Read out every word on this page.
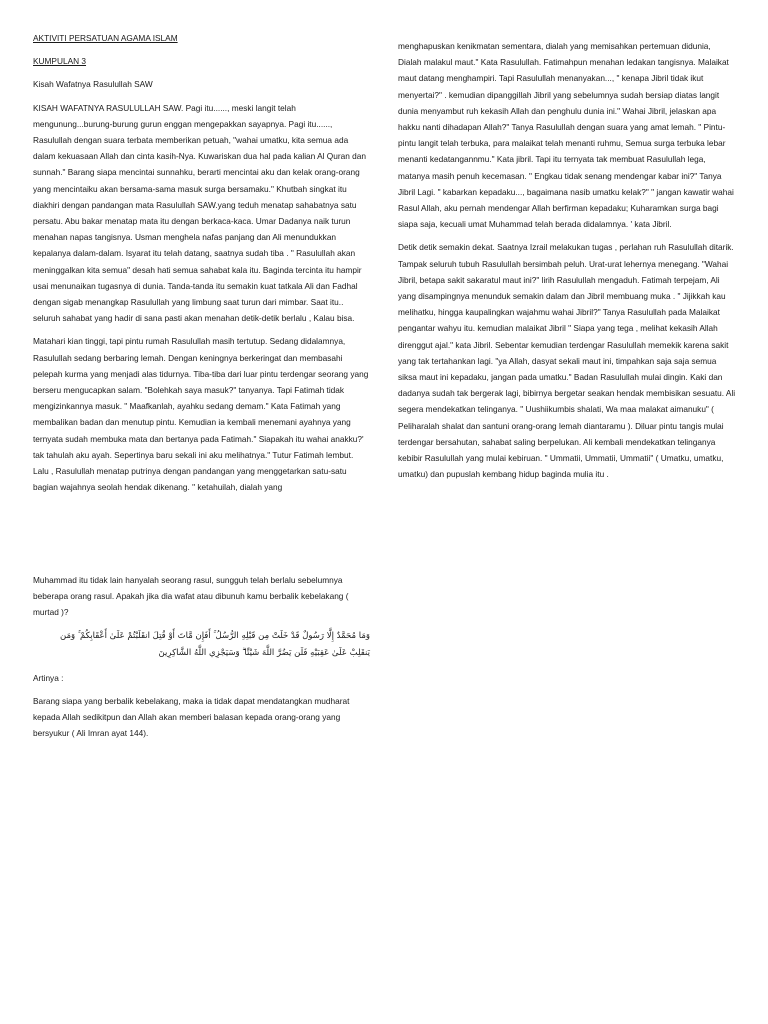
AKTIVITI PERSATUAN AGAMA ISLAM

KUMPULAN 3

Kisah Wafatnya Rasulullah SAW

KISAH WAFATNYA RASULULLAH SAW. Pagi itu......, meski langit telah mengunung...burung-burung gurun enggan mengepakkan sayapnya. Pagi itu......, Rasulullah dengan suara terbata memberikan petuah, "wahai umatku, kita semua ada dalam kekuasaan Allah dan cinta kasih-Nya. Kuwariskan dua hal pada kalian Al Quran dan sunnah." Barang siapa mencintai sunnahku, berarti mencintai aku dan kelak orang-orang yang mencintaiku akan bersama-sama masuk surga bersamaku." Khutbah singkat itu diakhiri dengan pandangan mata Rasulullah SAW.yang teduh menatap sahabatnya satu persatu. Abu bakar menatap mata itu dengan berkaca-kaca. Umar Dadanya naik turun menahan napas tangisnya. Usman menghela nafas panjang dan Ali menundukkan kepalanya dalam-dalam. Isyarat itu telah datang, saatnya sudah tiba . " Rasulullah akan meninggalkan kita semua" desah hati semua sahabat kala itu. Baginda tercinta itu hampir usai menunaikan tugasnya di dunia. Tanda-tanda itu semakin kuat tatkala Ali dan Fadhal dengan sigab menangkap Rasulullah yang limbung saat turun dari mimbar. Saat itu.. seluruh sahabat yang hadir di sana pasti akan menahan detik-detik berlalu , Kalau bisa.

Matahari kian tinggi, tapi pintu rumah Rasulullah masih tertutup. Sedang didalamnya, Rasulullah sedang berbaring lemah. Dengan keningnya berkeringat dan membasahi pelepah kurma yang menjadi alas tidurnya. Tiba-tiba dari luar pintu terdengar seorang yang berseru mengucapkan salam. "Bolehkah saya masuk?" tanyanya. Tapi Fatimah tidak mengizinkannya masuk. " Maafkanlah, ayahku sedang demam." Kata Fatimah yang membalikan badan dan menutup pintu. Kemudian ia kembali menemani ayahnya yang ternyata sudah membuka mata dan bertanya pada Fatimah." Siapakah itu wahai anakku?' tak tahulah aku ayah. Sepertinya baru sekali ini aku melihatnya." Tutur Fatimah lembut. Lalu , Rasulullah menatap putrinya dengan pandangan yang menggetarkan satu-satu bagian wajahnya seolah hendak dikenang. " ketahuilah, dialah yang

menghapuskan kenikmatan sementara, dialah yang memisahkan pertemuan didunia, Dialah malakul maut." Kata Rasulullah. Fatimahpun menahan ledakan tangisnya. Malaikat maut datang menghampiri. Tapi Rasulullah menanyakan..., " kenapa Jibril tidak ikut menyertai?" . kemudian dipanggillah Jibril yang sebelumnya sudah bersiap diatas langit dunia menyambut ruh kekasih Allah dan penghulu dunia ini." Wahai Jibril, jelaskan apa hakku nanti dihadapan Allah?" Tanya Rasulullah dengan suara yang amat lemah. " Pintu-pintu langit telah terbuka, para malaikat telah menanti ruhmu, Semua surga terbuka lebar menanti kedatangannmu." Kata jibril. Tapi itu ternyata tak membuat Rasulullah lega, matanya masih penuh kecemasan. " Engkau tidak senang mendengar kabar ini?" Tanya Jibril Lagi. " kabarkan kepadaku..., bagaimana nasib umatku kelak?" " jangan kawatir wahai Rasul Allah, aku pernah mendengar Allah berfirman kepadaku; Kuharamkan surga bagi siapa saja, kecuali umat Muhammad telah berada didalamnya. ' kata Jibril.

Detik detik semakin dekat. Saatnya Izrail melakukan tugas , perlahan ruh Rasulullah ditarik. Tampak seluruh tubuh Rasulullah bersimbah peluh. Urat-urat lehernya menegang. "Wahai Jibril, betapa sakit sakaratul maut ini?" lirih Rasulullah mengaduh. Fatimah terpejam, Ali yang disampingnya menunduk semakin dalam dan Jibril membuang muka . " Jijikkah kau melihatku, hingga kaupalingkan wajahmu wahai Jibril?" Tanya Rasulullah pada Malaikat pengantar wahyu itu. kemudian malaikat Jibril " Siapa yang tega , melihat kekasih Allah direnggut ajal." kata Jibril. Sebentar kemudian terdengar Rasulullah memekik karena sakit yang tak tertahankan lagi. "ya Allah, dasyat sekali maut ini, timpahkan saja saja semua siksa maut ini kepadaku, jangan pada umatku." Badan Rasulullah mulai dingin. Kaki dan dadanya sudah tak bergerak lagi, bibirnya bergetar seakan hendak membisikan sesuatu. Ali segera mendekatkan telinganya. " Uushiikumbis shalati, Wa maa malakat aimanuku" ( Peliharalah shalat dan santuni orang-orang lemah diantaramu ). Diluar pintu tangis mulai terdengar bersahutan, sahabat saling berpelukan. Ali kembali mendekatkan telinganya kebibir Rasulullah yang mulai kebiruan. " Ummatii, Ummatii, Ummatii" ( Umatku, umatku, umatku) dan pupuslah kembang hidup baginda mulia itu .

Muhammad itu tidak lain hanyalah seorang rasul, sungguh telah berlalu sebelumnya beberapa orang rasul. Apakah jika dia wafat atau dibunuh kamu berbalik kebelakang ( murtad )?

وَمَا مُحَمَّدٌ إِلَّا رَسُولٌ قَدْ خَلَتْ مِن قَبْلِهِ الرُّسُلُ ۚ أَفَإِن مَّاتَ أَوْ قُتِلَ انقَلَبْتُمْ عَلَىٰ أَعْقَابِكُمْ ۚ وَمَن
يَنقَلِبْ عَلَىٰ عَقِبَيْهِ فَلَن يَضُرَّ اللَّهَ شَيْئًا ۗ وَسَيَجْزِي اللَّهُ الشَّاكِرِينَ

Artinya :

Barang siapa yang berbalik kebelakang, maka ia tidak dapat mendatangkan mudharat kepada Allah sedikitpun dan Allah akan memberi balasan kepada orang-orang yang bersyukur ( Ali Imran ayat 144).
